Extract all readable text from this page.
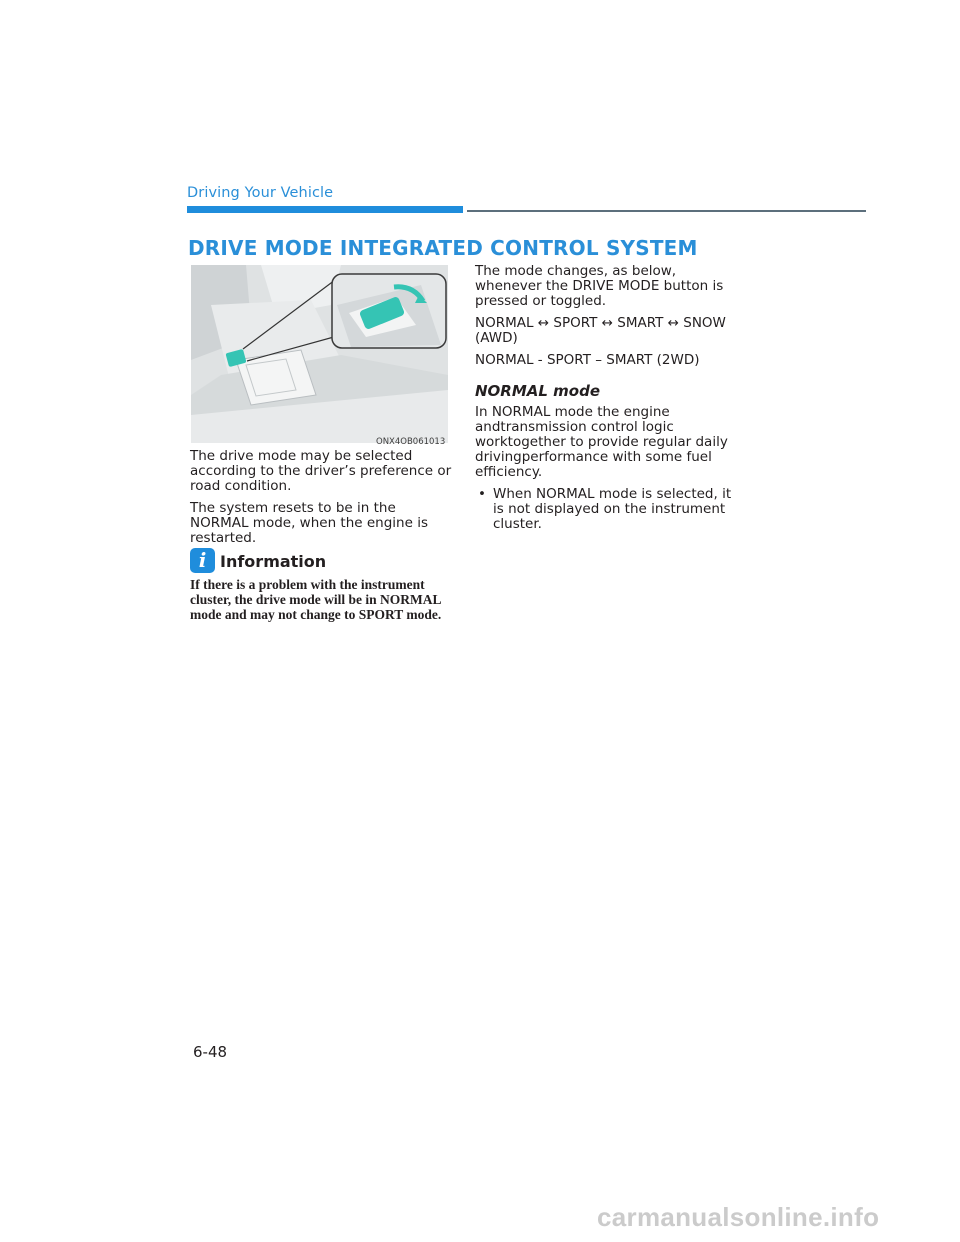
Driving Your Vehicle
DRIVE MODE INTEGRATED CONTROL SYSTEM
ONX4OB061013

The drive mode may be selected according to the driver’s preference or road condition.

The system resets to be in the NORMAL mode, when the engine is restarted.

i Information
If there is a problem with the instrument cluster, the drive mode will be in NORMAL mode and may not change to SPORT mode.

The mode changes, as below, whenever the DRIVE MODE button is pressed or toggled.

NORMAL ↔ SPORT ↔ SMART ↔ SNOW (AWD)

NORMAL - SPORT – SMART (2WD)

NORMAL mode

In NORMAL mode the engine andtransmission control logic worktogether to provide regular daily drivingperformance with some fuel efficiency.

• When NORMAL mode is selected, it is not displayed on the instrument cluster.
6-48
carmanualsonline.info
